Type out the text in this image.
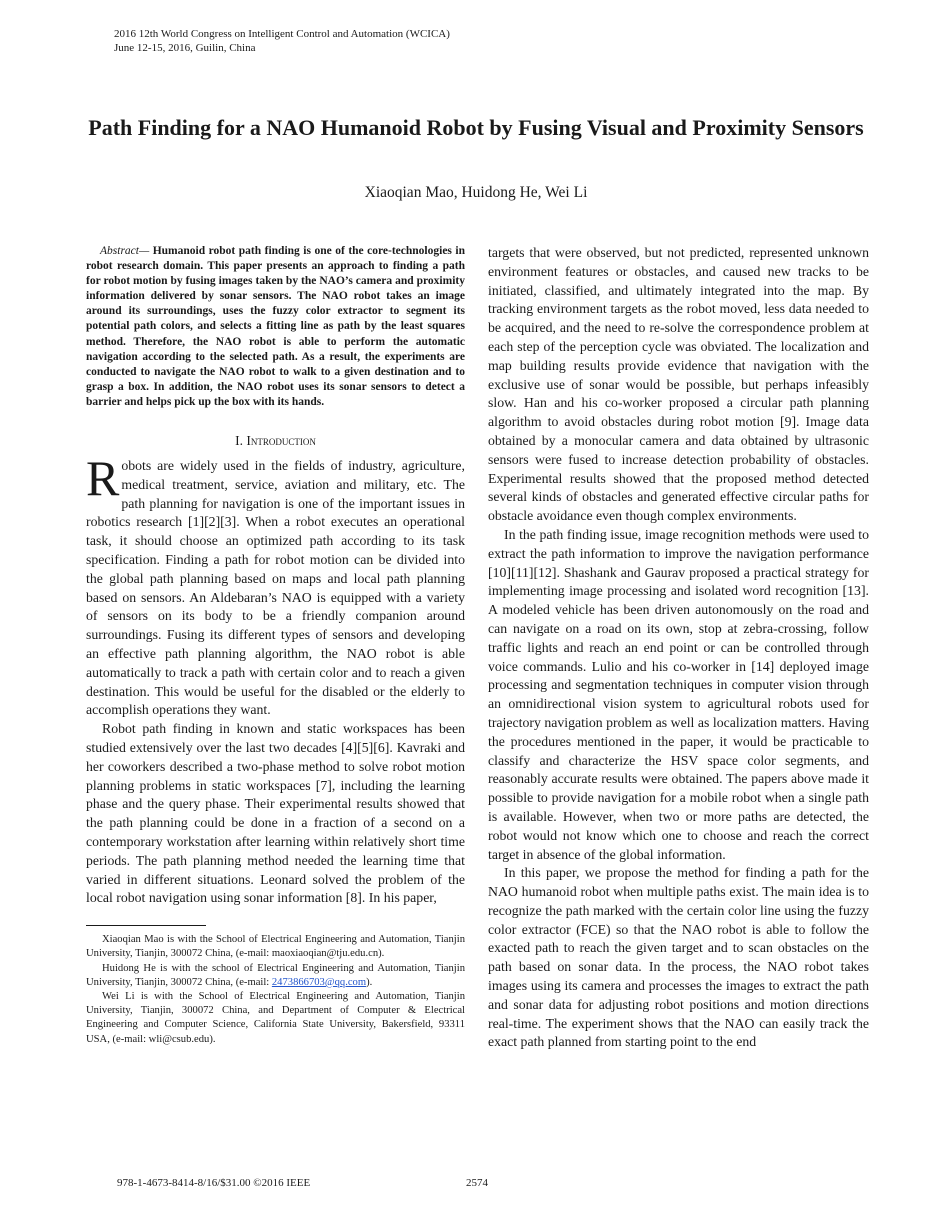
2016 12th World Congress on Intelligent Control and Automation (WCICA)
June 12-15, 2016, Guilin, China
Path Finding for a NAO Humanoid Robot by Fusing Visual and Proximity Sensors
Xiaoqian Mao, Huidong He, Wei Li

Abstract— Humanoid robot path finding is one of the core-technologies in robot research domain. This paper presents an approach to finding a path for robot motion by fusing images taken by the NAO’s camera and proximity information delivered by sonar sensors. The NAO robot takes an image around its surroundings, uses the fuzzy color extractor to segment its potential path colors, and selects a fitting line as path by the least squares method. Therefore, the NAO robot is able to perform the automatic navigation according to the selected path. As a result, the experiments are conducted to navigate the NAO robot to walk to a given destination and to grasp a box. In addition, the NAO robot uses its sonar sensors to detect a barrier and helps pick up the box with its hands.

I. Introduction

Robots are widely used in the fields of industry, agriculture, medical treatment, service, aviation and military, etc. The path planning for navigation is one of the important issues in robotics research [1][2][3]. When a robot executes an operational task, it should choose an optimized path according to its task specification. Finding a path for robot motion can be divided into the global path planning based on maps and local path planning based on sensors. An Aldebaran’s NAO is equipped with a variety of sensors on its body to be a friendly companion around surroundings. Fusing its different types of sensors and developing an effective path planning algorithm, the NAO robot is able automatically to track a path with certain color and to reach a given destination. This would be useful for the disabled or the elderly to accomplish operations they want.

Robot path finding in known and static workspaces has been studied extensively over the last two decades [4][5][6]. Kavraki and her coworkers described a two-phase method to solve robot motion planning problems in static workspaces [7], including the learning phase and the query phase. Their experimental results showed that the path planning could be done in a fraction of a second on a contemporary workstation after learning within relatively short time periods. The path planning method needed the learning time that varied in different situations. Leonard solved the problem of the local robot navigation using sonar information [8]. In his paper,

Xiaoqian Mao is with the School of Electrical Engineering and Automation, Tianjin University, Tianjin, 300072 China, (e-mail: maoxiaoqian@tju.edu.cn).

Huidong He is with the school of Electrical Engineering and Automation, Tianjin University, Tianjin, 300072 China, (e-mail: 2473866703@qq.com).

Wei Li is with the School of Electrical Engineering and Automation, Tianjin University, Tianjin, 300072 China, and Department of Computer & Electrical Engineering and Computer Science, California State University, Bakersfield, 93311 USA, (e-mail: wli@csub.edu).

targets that were observed, but not predicted, represented unknown environment features or obstacles, and caused new tracks to be initiated, classified, and ultimately integrated into the map. By tracking environment targets as the robot moved, less data needed to be acquired, and the need to re-solve the correspondence problem at each step of the perception cycle was obviated. The localization and map building results provide evidence that navigation with the exclusive use of sonar would be possible, but perhaps infeasibly slow. Han and his co-worker proposed a circular path planning algorithm to avoid obstacles during robot motion [9]. Image data obtained by a monocular camera and data obtained by ultrasonic sensors were fused to increase detection probability of obstacles. Experimental results showed that the proposed method detected several kinds of obstacles and generated effective circular paths for obstacle avoidance even though complex environments.

In the path finding issue, image recognition methods were used to extract the path information to improve the navigation performance [10][11][12]. Shashank and Gaurav proposed a practical strategy for implementing image processing and isolated word recognition [13]. A modeled vehicle has been driven autonomously on the road and can navigate on a road on its own, stop at zebra-crossing, follow traffic lights and reach an end point or can be controlled through voice commands. Lulio and his co-worker in [14] deployed image processing and segmentation techniques in computer vision through an omnidirectional vision system to agricultural robots used for trajectory navigation problem as well as localization matters. Having the procedures mentioned in the paper, it would be practicable to classify and characterize the HSV space color segments, and reasonably accurate results were obtained. The papers above made it possible to provide navigation for a mobile robot when a single path is available. However, when two or more paths are detected, the robot would not know which one to choose and reach the correct target in absence of the global information.

In this paper, we propose the method for finding a path for the NAO humanoid robot when multiple paths exist. The main idea is to recognize the path marked with the certain color line using the fuzzy color extractor (FCE) so that the NAO robot is able to follow the exacted path to reach the given target and to scan obstacles on the path based on sonar data. In the process, the NAO robot takes images using its camera and processes the images to extract the path and sonar data for adjusting robot positions and motion directions real-time. The experiment shows that the NAO can easily track the exact path planned from starting point to the end

978-1-4673-8414-8/16/$31.00 ©2016 IEEE	2574
